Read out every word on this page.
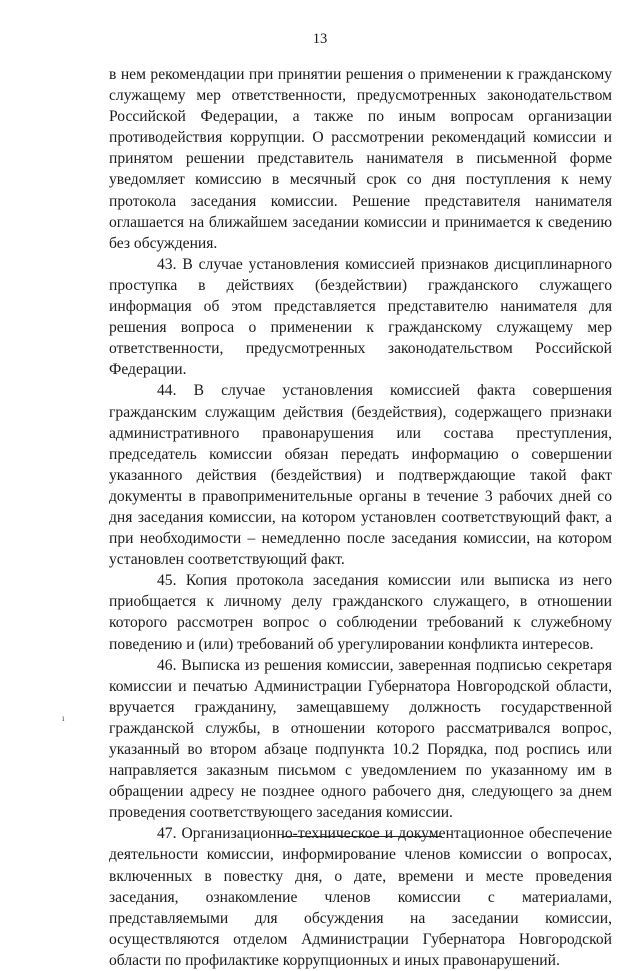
13

в нем рекомендации при принятии решения о применении к гражданскому служащему мер ответственности, предусмотренных законодательством Российской Федерации, а также по иным вопросам организации противодействия коррупции. О рассмотрении рекомендаций комиссии и принятом решении представитель нанимателя в письменной форме уведомляет комиссию в месячный срок со дня поступления к нему протокола заседания комиссии. Решение представителя нанимателя оглашается на ближайшем заседании комиссии и принимается к сведению без обсуждения.

43. В случае установления комиссией признаков дисциплинарного проступка в действиях (бездействии) гражданского служащего информация об этом представляется представителю нанимателя для решения вопроса о применении к гражданскому служащему мер ответственности, предусмотренных законодательством Российской Федерации.

44. В случае установления комиссией факта совершения гражданским служащим действия (бездействия), содержащего признаки административного правонарушения или состава преступления, председатель комиссии обязан передать информацию о совершении указанного действия (бездействия) и подтверждающие такой факт документы в правоприменительные органы в течение 3 рабочих дней со дня заседания комиссии, на котором установлен соответствующий факт, а при необходимости – немедленно после заседания комиссии, на котором установлен соответствующий факт.

45. Копия протокола заседания комиссии или выписка из него приобщается к личному делу гражданского служащего, в отношении которого рассмотрен вопрос о соблюдении требований к служебному поведению и (или) требований об урегулировании конфликта интересов.

46. Выписка из решения комиссии, заверенная подписью секретаря комиссии и печатью Администрации Губернатора Новгородской области, вручается гражданину, замещавшему должность государственной гражданской службы, в отношении которого рассматривался вопрос, указанный во втором абзаце подпункта 10.2 Порядка, под роспись или направляется заказным письмом с уведомлением по указанному им в обращении адресу не позднее одного рабочего дня, следующего за днем проведения соответствующего заседания комиссии.

47. Организационно-техническое и документационное обеспечение деятельности комиссии, информирование членов комиссии о вопросах, включенных в повестку дня, о дате, времени и месте проведения заседания, ознакомление членов комиссии с материалами, представляемыми для обсуждения на заседании комиссии, осуществляются отделом Администрации Губернатора Новгородской области по профилактике коррупционных и иных правонарушений.

ı
